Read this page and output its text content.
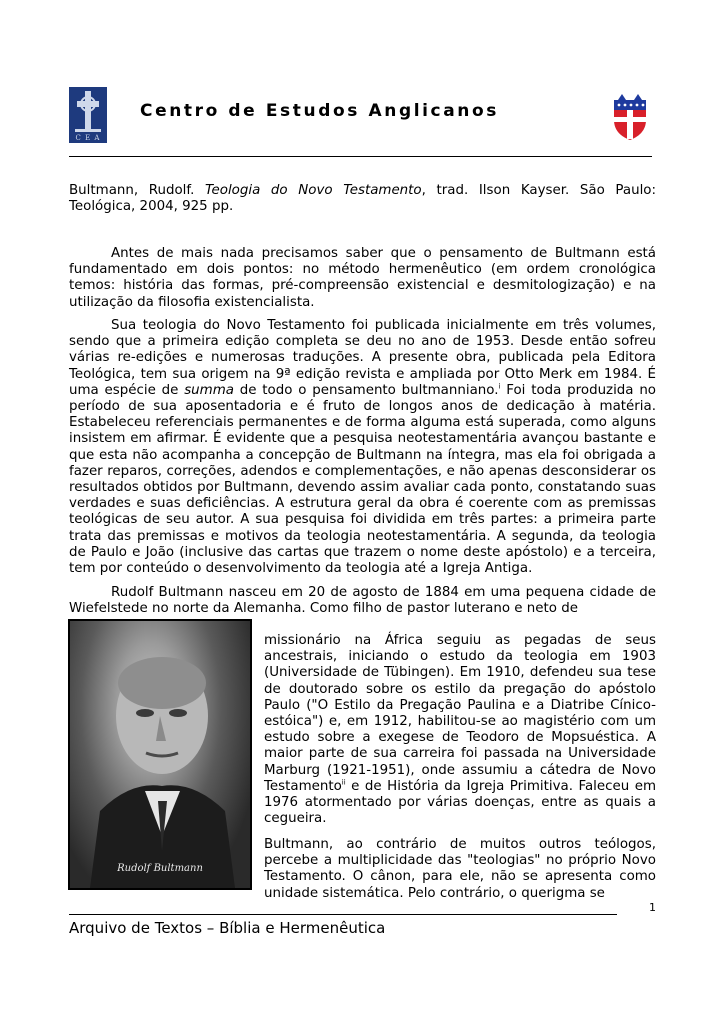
C E A
Centro de Estudos Anglicanos

Bultmann, Rudolf. Teologia do Novo Testamento, trad. Ilson Kayser. São Paulo: Teológica, 2004, 925 pp.

Antes de mais nada precisamos saber que o pensamento de Bultmann está fundamentado em dois pontos: no método hermenêutico (em ordem cronológica temos: história das formas, pré-compreensão existencial e desmitologização) e na utilização da filosofia existencialista.

Sua teologia do Novo Testamento foi publicada inicialmente em três volumes, sendo que a primeira edição completa se deu no ano de 1953. Desde então sofreu várias re-edições e numerosas traduções. A presente obra, publicada pela Editora Teológica, tem sua origem na 9ª edição revista e ampliada por Otto Merk em 1984. É uma espécie de summa de todo o pensamento bultmanniano.$^i$ Foi toda produzida no período de sua aposentadoria e é fruto de longos anos de dedicação à matéria. Estabeleceu referenciais permanentes e de forma alguma está superada, como alguns insistem em afirmar. É evidente que a pesquisa neotestamentária avançou bastante e que esta não acompanha a concepção de Bultmann na íntegra, mas ela foi obrigada a fazer reparos, correções, adendos e complementações, e não apenas desconsiderar os resultados obtidos por Bultmann, devendo assim avaliar cada ponto, constatando suas verdades e suas deficiências. A estrutura geral da obra é coerente com as premissas teológicas de seu autor. A sua pesquisa foi dividida em três partes: a primeira parte trata das premissas e motivos da teologia neotestamentária. A segunda, da teologia de Paulo e João (inclusive das cartas que trazem o nome deste apóstolo) e a terceira, tem por conteúdo o desenvolvimento da teologia até a Igreja Antiga.

Rudolf Bultmann nasceu em 20 de agosto de 1884 em uma pequena cidade de Wiefelstede no norte da Alemanha. Como filho de pastor luterano e neto de

Rudolf Bultmann

missionário na África seguiu as pegadas de seus ancestrais, iniciando o estudo da teologia em 1903 (Universidade de Tübingen). Em 1910, defendeu sua tese de doutorado sobre os estilo da pregação do apóstolo Paulo ("O Estilo da Pregação Paulina e a Diatribe Cínico-estóica") e, em 1912, habilitou-se ao magistério com um estudo sobre a exegese de Teodoro de Mopsuéstica. A maior parte de sua carreira foi passada na Universidade Marburg (1921-1951), onde assumiu a cátedra de Novo Testamento$^{ii}$ e de História da Igreja Primitiva. Faleceu em 1976 atormentado por várias doenças, entre as quais a cegueira.

Bultmann, ao contrário de muitos outros teólogos, percebe a multiplicidade das "teologias" no próprio Novo Testamento. O cânon, para ele, não se apresenta como unidade sistemática. Pelo contrário, o querigma se

1
Arquivo de Textos – Bíblia e Hermenêutica
